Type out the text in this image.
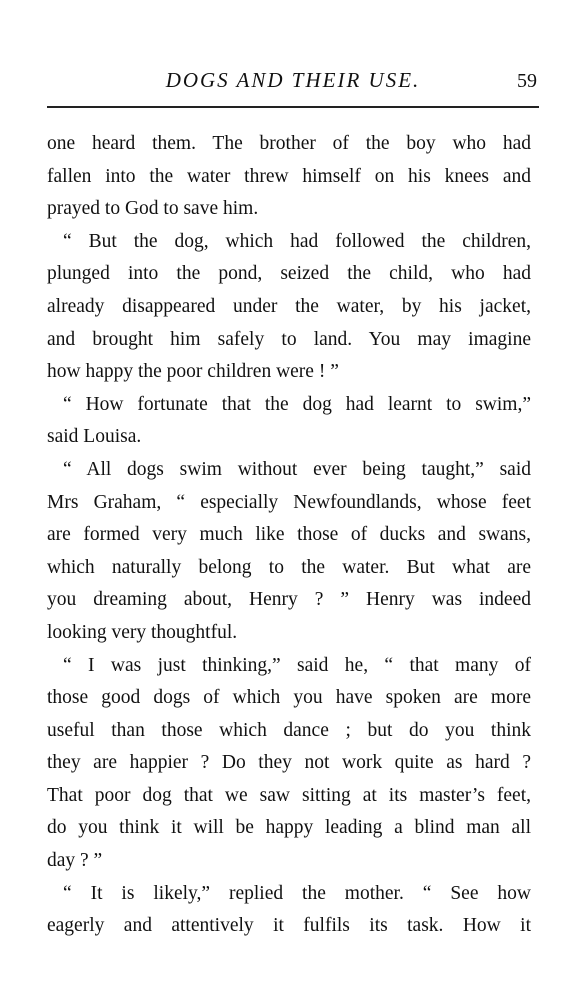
DOGS AND THEIR USE.	59
one heard them. The brother of the boy who had
fallen into the water threw himself on his knees and
prayed to God to save him.
“ But the dog, which had followed the children,
plunged into the pond, seized the child, who had
already disappeared under the water, by his jacket,
and brought him safely to land. You may imagine
how happy the poor children were ! ”
“ How fortunate that the dog had learnt to swim,”
said Louisa.
“ All dogs swim without ever being taught,” said
Mrs Graham, “ especially Newfoundlands, whose feet
are formed very much like those of ducks and swans,
which naturally belong to the water. But what are
you dreaming about, Henry ? ” Henry was indeed
looking very thoughtful.
“ I was just thinking,” said he, “ that many of
those good dogs of which you have spoken are more
useful than those which dance ; but do you think
they are happier ? Do they not work quite as hard ?
That poor dog that we saw sitting at its master’s feet,
do you think it will be happy leading a blind man all
day ? ”
“ It is likely,” replied the mother. “ See how
eagerly and attentively it fulfils its task. How it
